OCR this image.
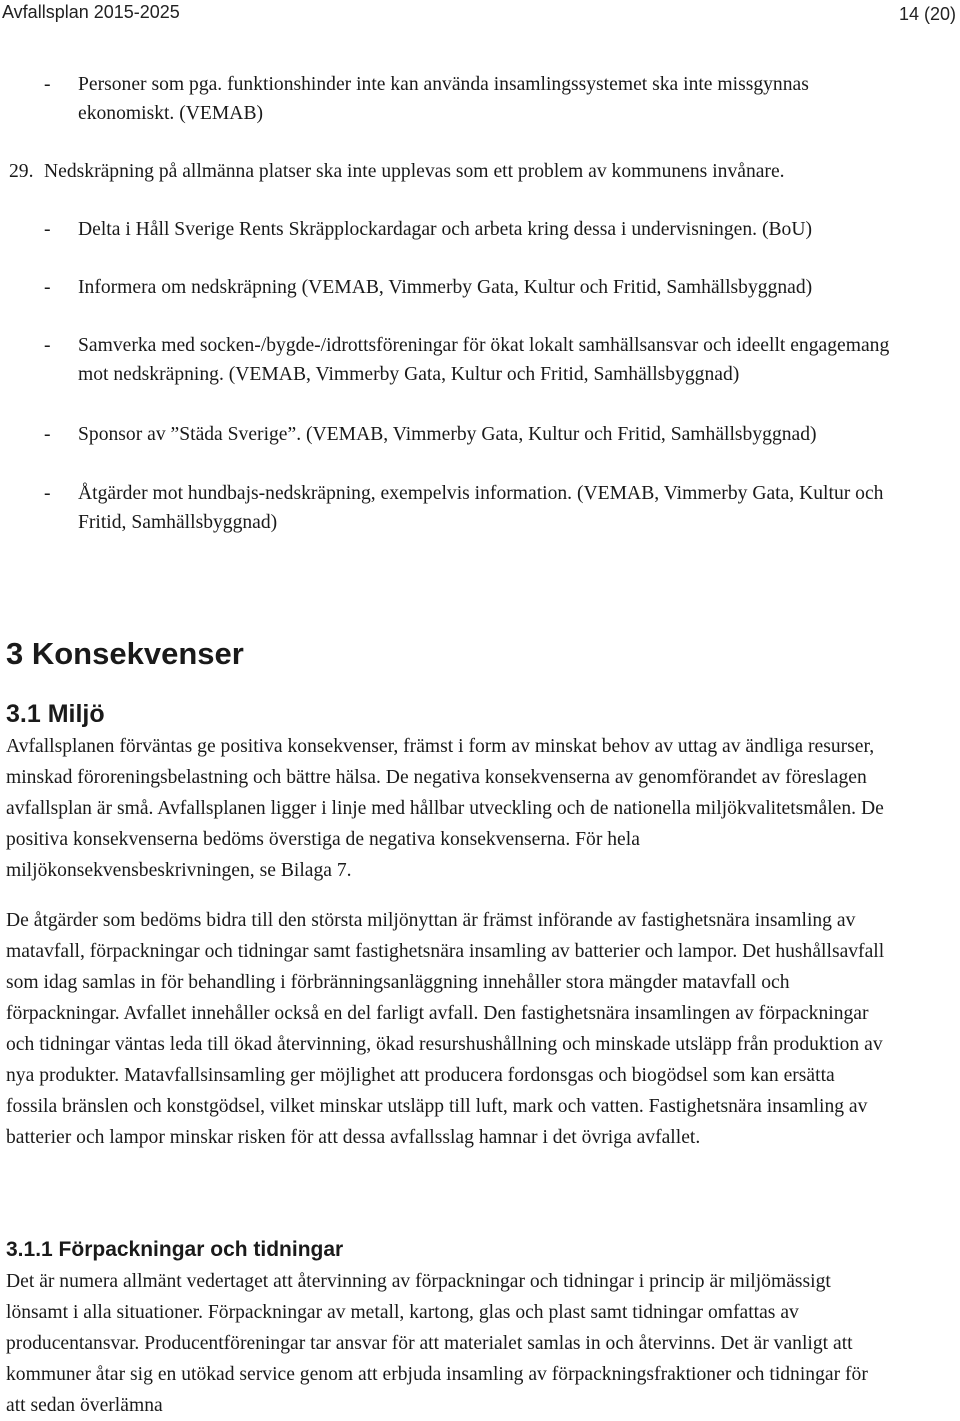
Avfallsplan 2015-2025	14 (20)
- Personer som pga. funktionshinder inte kan använda insamlingssystemet ska inte missgynnas ekonomiskt. (VEMAB)
29. Nedskräpning på allmänna platser ska inte upplevas som ett problem av kommunens invånare.
- Delta i Håll Sverige Rents Skräpplockardagar och arbeta kring dessa i undervisningen. (BoU)
- Informera om nedskräpning (VEMAB, Vimmerby Gata, Kultur och Fritid, Samhällsbyggnad)
- Samverka med socken-/bygde-/idrottsföreningar för ökat lokalt samhällsansvar och ideellt engagemang mot nedskräpning. (VEMAB, Vimmerby Gata, Kultur och Fritid, Samhällsbyggnad)
- Sponsor av ”Städa Sverige”. (VEMAB, Vimmerby Gata, Kultur och Fritid, Samhällsbyggnad)
- Åtgärder mot hundbajs-nedskräpning, exempelvis information. (VEMAB, Vimmerby Gata, Kultur och Fritid, Samhällsbyggnad)
3 Konsekvenser
3.1 Miljö

Avfallsplanen förväntas ge positiva konsekvenser, främst i form av minskat behov av uttag av ändliga resurser, minskad föroreningsbelastning och bättre hälsa. De negativa konsekvenserna av genomförandet av föreslagen avfallsplan är små. Avfallsplanen ligger i linje med hållbar utveckling och de nationella miljökvalitetsmålen. De positiva konsekvenserna bedöms överstiga de negativa konsekvenserna. För hela miljökonsekvensbeskrivningen, se Bilaga 7.

De åtgärder som bedöms bidra till den största miljönyttan är främst införande av fastighetsnära insamling av matavfall, förpackningar och tidningar samt fastighetsnära insamling av batterier och lampor. Det hushållsavfall som idag samlas in för behandling i förbränningsanläggning innehåller stora mängder matavfall och förpackningar. Avfallet innehåller också en del farligt avfall. Den fastighetsnära insamlingen av förpackningar och tidningar väntas leda till ökad återvinning, ökad resurshushållning och minskade utsläpp från produktion av nya produkter. Matavfallsinsamling ger möjlighet att producera fordonsgas och biogödsel som kan ersätta fossila bränslen och konstgödsel, vilket minskar utsläpp till luft, mark och vatten. Fastighetsnära insamling av batterier och lampor minskar risken för att dessa avfallsslag hamnar i det övriga avfallet.

3.1.1 Förpackningar och tidningar

Det är numera allmänt vedertaget att återvinning av förpackningar och tidningar i princip är miljömässigt lönsamt i alla situationer. Förpackningar av metall, kartong, glas och plast samt tidningar omfattas av producentansvar. Producentföreningar tar ansvar för att materialet samlas in och återvinns. Det är vanligt att kommuner åtar sig en utökad service genom att erbjuda insamling av förpackningsfraktioner och tidningar för att sedan överlämna
